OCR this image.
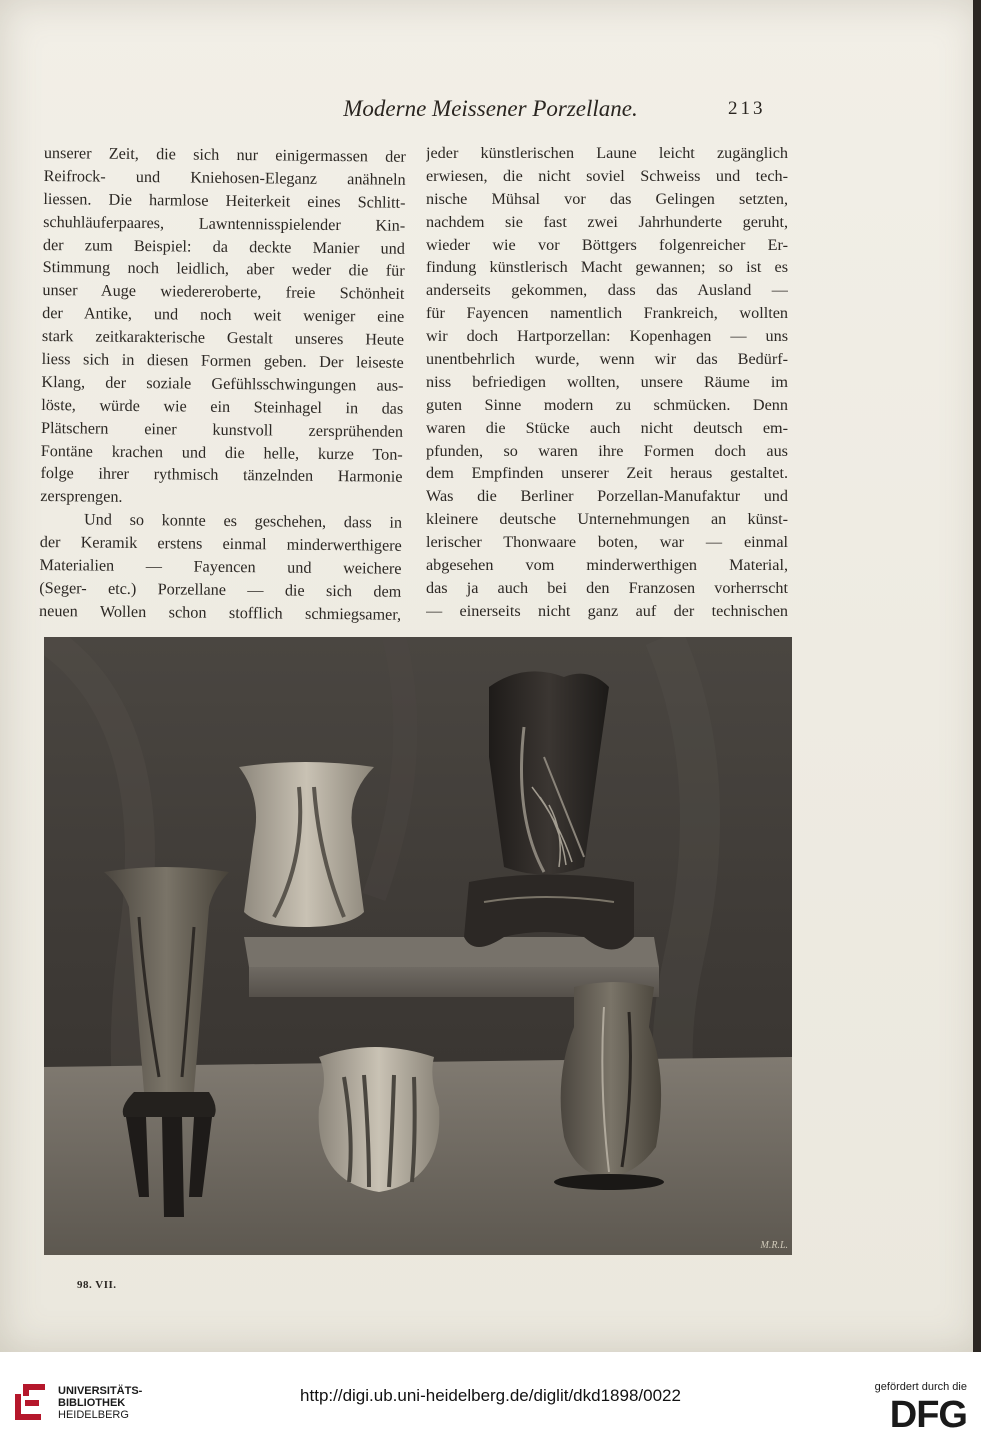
Moderne Meissener Porzellane.	213
unserer Zeit, die sich nur einigermassen der
Reifrock- und Kniehosen-Eleganz anähneln
liessen. Die harmlose Heiterkeit eines Schlitt-
schuhläuferpaares, Lawntennisspielender Kin-
der zum Beispiel: da deckte Manier und
Stimmung noch leidlich, aber weder die für
unser Auge wiedereroberte, freie Schönheit
der Antike, und noch weit weniger eine
stark zeitkarakterische Gestalt unseres Heute
liess sich in diesen Formen geben. Der leiseste
Klang, der soziale Gefühlsschwingungen aus-
löste, würde wie ein Steinhagel in das
Plätschern einer kunstvoll zersprühenden
Fontäne krachen und die helle, kurze Ton-
folge ihrer rythmisch tänzelnden Harmonie
zersprengen.
Und so konnte es geschehen, dass in
der Keramik erstens einmal minderwerthigere
Materialien — Fayencen und weichere
(Seger- etc.) Porzellane — die sich dem
neuen Wollen schon stofflich schmiegsamer,
jeder künstlerischen Laune leicht zugänglich
erwiesen, die nicht soviel Schweiss und tech-
nische Mühsal vor das Gelingen setzten,
nachdem sie fast zwei Jahrhunderte geruht,
wieder wie vor Böttgers folgenreicher Er-
findung künstlerisch Macht gewannen; so ist es
anderseits gekommen, dass das Ausland —
für Fayencen namentlich Frankreich, wollten
wir doch Hartporzellan: Kopenhagen — uns
unentbehrlich wurde, wenn wir das Bedürf-
niss befriedigen wollten, unsere Räume im
guten Sinne modern zu schmücken. Denn
waren die Stücke auch nicht deutsch em-
pfunden, so waren ihre Formen doch aus
dem Empfinden unserer Zeit heraus gestaltet.
Was die Berliner Porzellan-Manufaktur und
kleinere deutsche Unternehmungen an künst-
lerischer Thonwaare boten, war — einmal
abgesehen vom minderwerthigen Material,
das ja auch bei den Franzosen vorherrscht
— einerseits nicht ganz auf der technischen
M.R.L.
98. VII.
UNIVERSITÄTS-
BIBLIOTHEK
HEIDELBERG
http://digi.ub.uni-heidelberg.de/diglit/dkd1898/0022	gefördert durch die
DFG
